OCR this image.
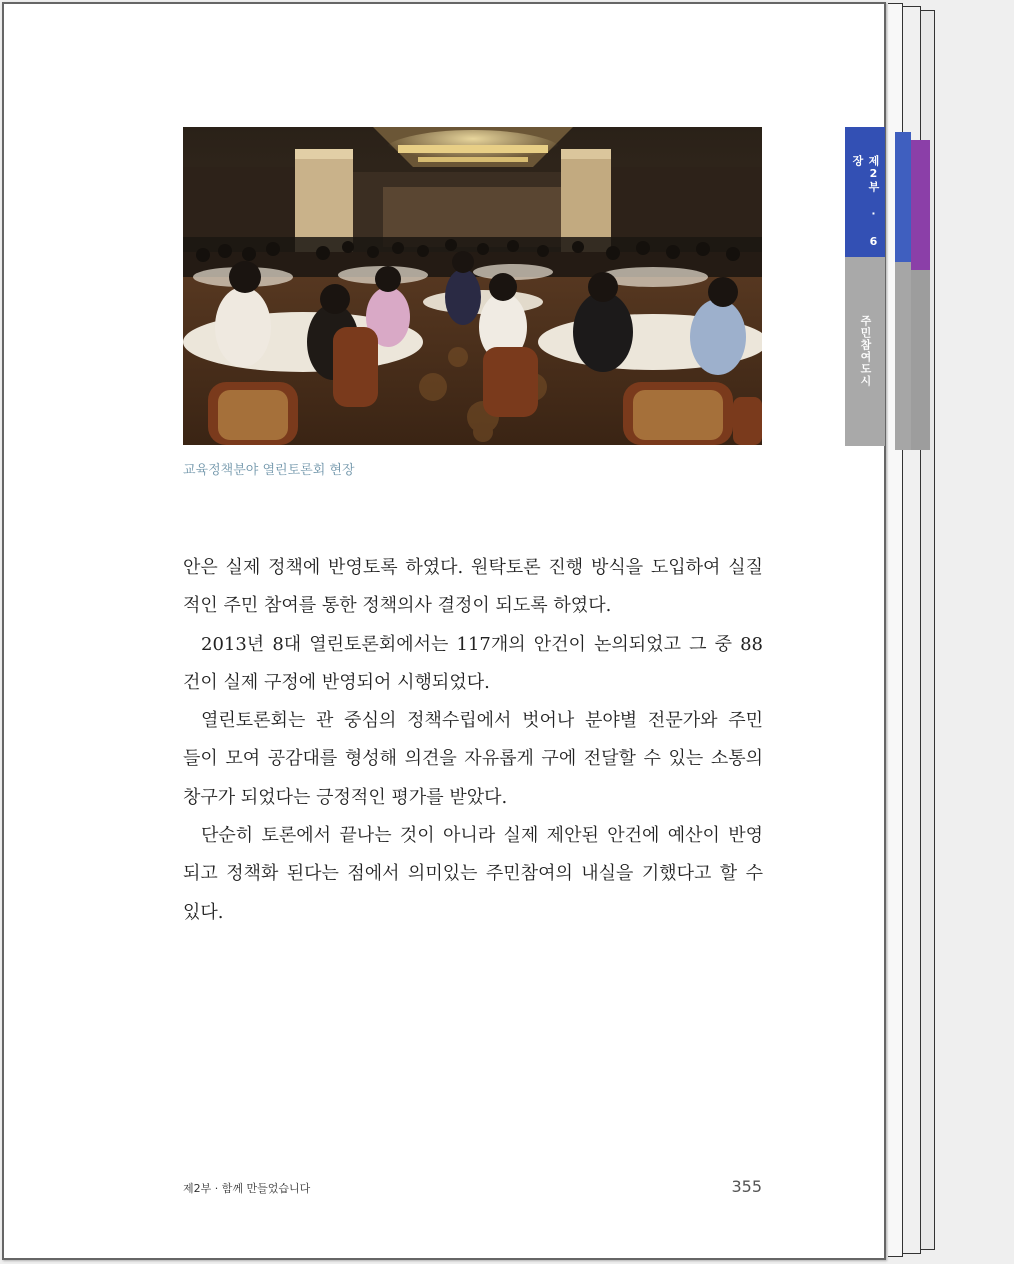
제2부 · 6장
주민참여도시
교육정책분야 열린토론회 현장

안은 실제 정책에 반영토록 하였다. 원탁토론 진행 방식을 도입하여 실질
적인 주민 참여를 통한 정책의사 결정이 되도록 하였다.

2013년 8대 열린토론회에서는 117개의 안건이 논의되었고 그 중 88
건이 실제 구정에 반영되어 시행되었다.

열린토론회는 관 중심의 정책수립에서 벗어나 분야별 전문가와 주민
들이 모여 공감대를 형성해 의견을 자유롭게 구에 전달할 수 있는 소통의
창구가 되었다는 긍정적인 평가를 받았다.

단순히 토론에서 끝나는 것이 아니라 실제 제안된 안건에 예산이 반영
되고 정책화 된다는 점에서 의미있는 주민참여의 내실을 기했다고 할 수
있다.

제2부 · 함께 만들었습니다	355
